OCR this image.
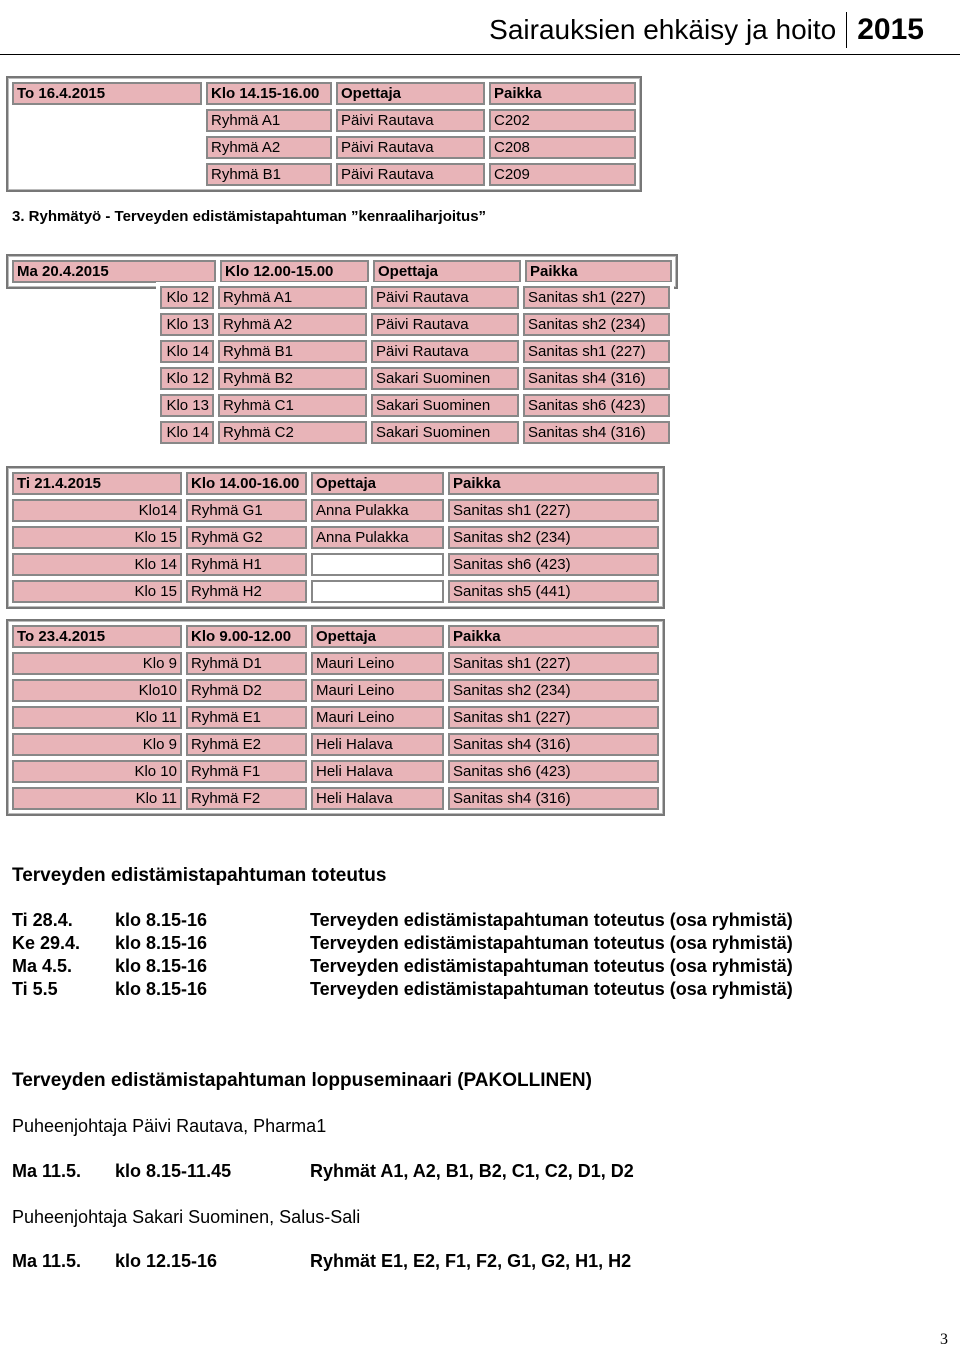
Sairauksien ehkäisy ja hoito 2015
To 16.4.2015	Klo 14.15-16.00	Opettaja	Paikka
	Ryhmä A1	Päivi Rautava	C202
	Ryhmä A2	Päivi Rautava	C208
	Ryhmä B1	Päivi Rautava	C209
3. Ryhmätyö - Terveyden edistämistapahtuman ”kenraaliharjoitus”
Ma 20.4.2015	Klo 12.00-15.00	Opettaja	Paikka
Klo 12	Ryhmä A1	Päivi Rautava	Sanitas sh1 (227)
Klo 13	Ryhmä A2	Päivi Rautava	Sanitas sh2 (234)
Klo 14	Ryhmä B1	Päivi Rautava	Sanitas sh1 (227)
Klo 12	Ryhmä B2	Sakari Suominen	Sanitas sh4 (316)
Klo 13	Ryhmä C1	Sakari Suominen	Sanitas sh6 (423)
Klo 14	Ryhmä C2	Sakari Suominen	Sanitas sh4 (316)
Ti 21.4.2015	Klo 14.00-16.00	Opettaja	Paikka
Klo14	Ryhmä G1	Anna Pulakka	Sanitas sh1 (227)
Klo 15	Ryhmä G2	Anna Pulakka	Sanitas sh2 (234)
Klo 14	Ryhmä H1		Sanitas sh6 (423)
Klo 15	Ryhmä H2		Sanitas sh5 (441)
To 23.4.2015	Klo 9.00-12.00	Opettaja	Paikka
Klo 9	Ryhmä D1	Mauri Leino	Sanitas sh1 (227)
Klo10	Ryhmä D2	Mauri Leino	Sanitas sh2 (234)
Klo 11	Ryhmä E1	Mauri Leino	Sanitas sh1 (227)
Klo 9	Ryhmä E2	Heli Halava	Sanitas sh4 (316)
Klo 10	Ryhmä F1	Heli Halava	Sanitas sh6 (423)
Klo 11	Ryhmä F2	Heli Halava	Sanitas sh4 (316)
Terveyden edistämistapahtuman toteutus
Ti 28.4. klo 8.15-16	Terveyden edistämistapahtuman toteutus (osa ryhmistä)
Ke 29.4. klo 8.15-16	Terveyden edistämistapahtuman toteutus (osa ryhmistä)
Ma 4.5. klo 8.15-16	Terveyden edistämistapahtuman toteutus (osa ryhmistä)
Ti 5.5	klo 8.15-16	Terveyden edistämistapahtuman toteutus (osa ryhmistä)
Terveyden edistämistapahtuman loppuseminaari (PAKOLLINEN)
Puheenjohtaja Päivi Rautava, Pharma1
Ma 11.5. klo 8.15-11.45	Ryhmät A1, A2, B1, B2, C1, C2, D1, D2
Puheenjohtaja Sakari Suominen, Salus-Sali
Ma 11.5. klo 12.15-16	Ryhmät E1, E2, F1, F2, G1, G2, H1, H2
3
